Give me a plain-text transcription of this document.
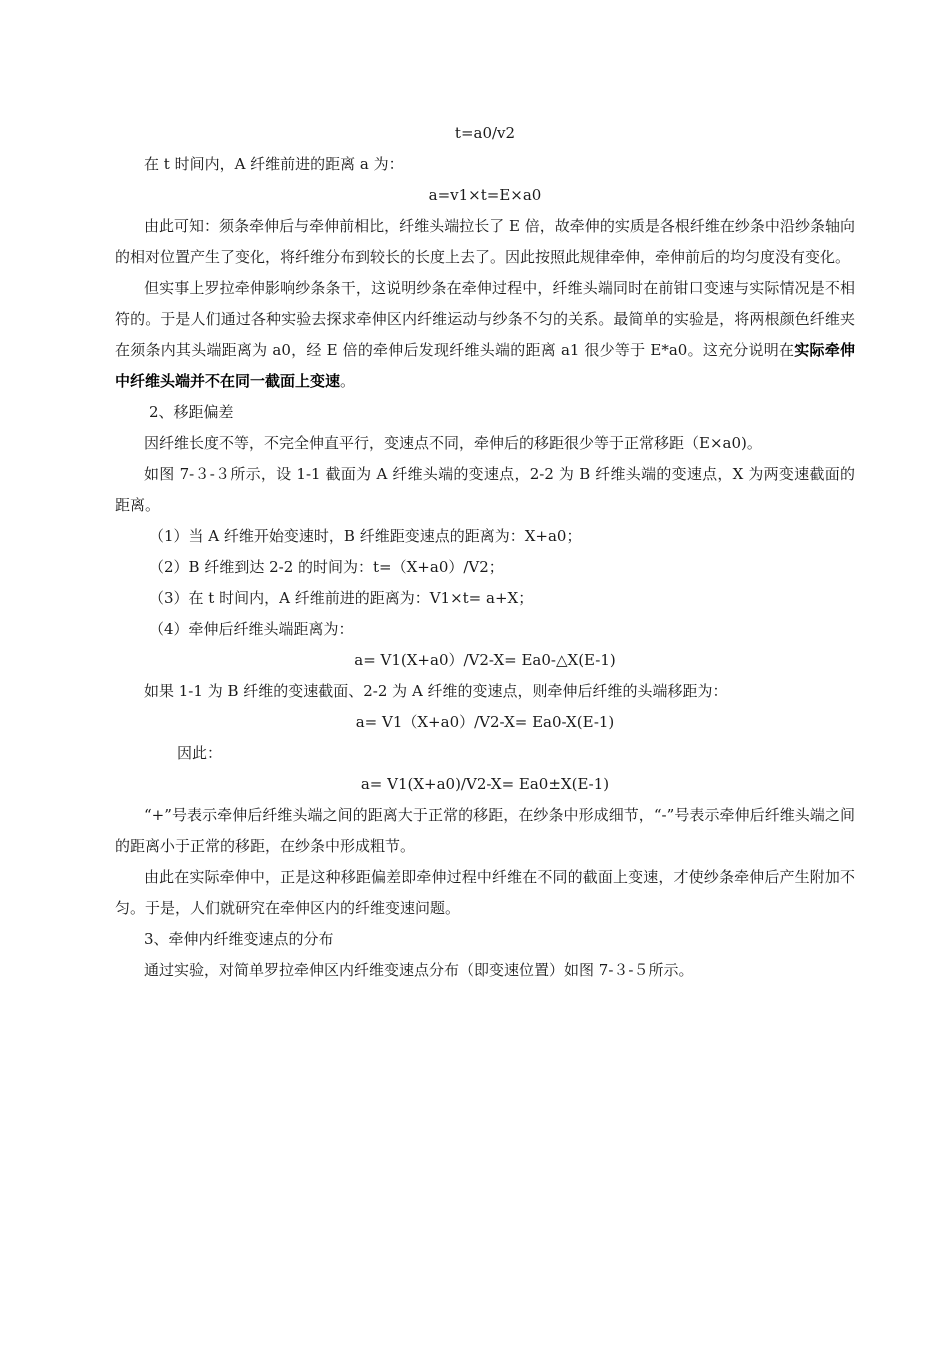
t=a0/v2
在 t 时间内，A 纤维前进的距离 a 为：
a=v1×t=E×a0
由此可知：须条牵伸后与牵伸前相比，纤维头端拉长了 E 倍，故牵伸的实质是各根纤维在纱条中沿纱条轴向的相对位置产生了变化，将纤维分布到较长的长度上去了。因此按照此规律牵伸，牵伸前后的均匀度没有变化。
但实事上罗拉牵伸影响纱条条干，这说明纱条在牵伸过程中，纤维头端同时在前钳口变速与实际情况是不相符的。于是人们通过各种实验去探求牵伸区内纤维运动与纱条不匀的关系。最简单的实验是，将两根颜色纤维夹在须条内其头端距离为 a0，经 E 倍的牵伸后发现纤维头端的距离 a1 很少等于 E*a0。这充分说明在实际牵伸中纤维头端并不在同一截面上变速。
2、移距偏差
因纤维长度不等，不完全伸直平行，变速点不同，牵伸后的移距很少等于正常移距（E×a0)。
如图 7-３-３所示，设 1-1 截面为 A 纤维头端的变速点，2-2 为 B 纤维头端的变速点，X 为两变速截面的距离。
（1）当 A 纤维开始变速时，B 纤维距变速点的距离为：X+a0；
（2）B 纤维到达 2-2 的时间为：t=（X+a0）/V2；
（3）在 t 时间内，A 纤维前进的距离为：V1×t= a+X；
（4）牵伸后纤维头端距离为：
a= V1(X+a0）/V2-X= Ea0-△X(E-1)
如果 1-1 为 B 纤维的变速截面、2-2 为 A 纤维的变速点，则牵伸后纤维的头端移距为：
a= V1（X+a0）/V2-X= Ea0-X(E-1)
因此：
a= V1(X+a0)/V2-X= Ea0±X(E-1)
“+”号表示牵伸后纤维头端之间的距离大于正常的移距，在纱条中形成细节，“-”号表示牵伸后纤维头端之间的距离小于正常的移距，在纱条中形成粗节。
由此在实际牵伸中，正是这种移距偏差即牵伸过程中纤维在不同的截面上变速，才使纱条牵伸后产生附加不匀。于是，人们就研究在牵伸区内的纤维变速问题。
3、牵伸内纤维变速点的分布
通过实验，对简单罗拉牵伸区内纤维变速点分布（即变速位置）如图 7-３-５所示。
